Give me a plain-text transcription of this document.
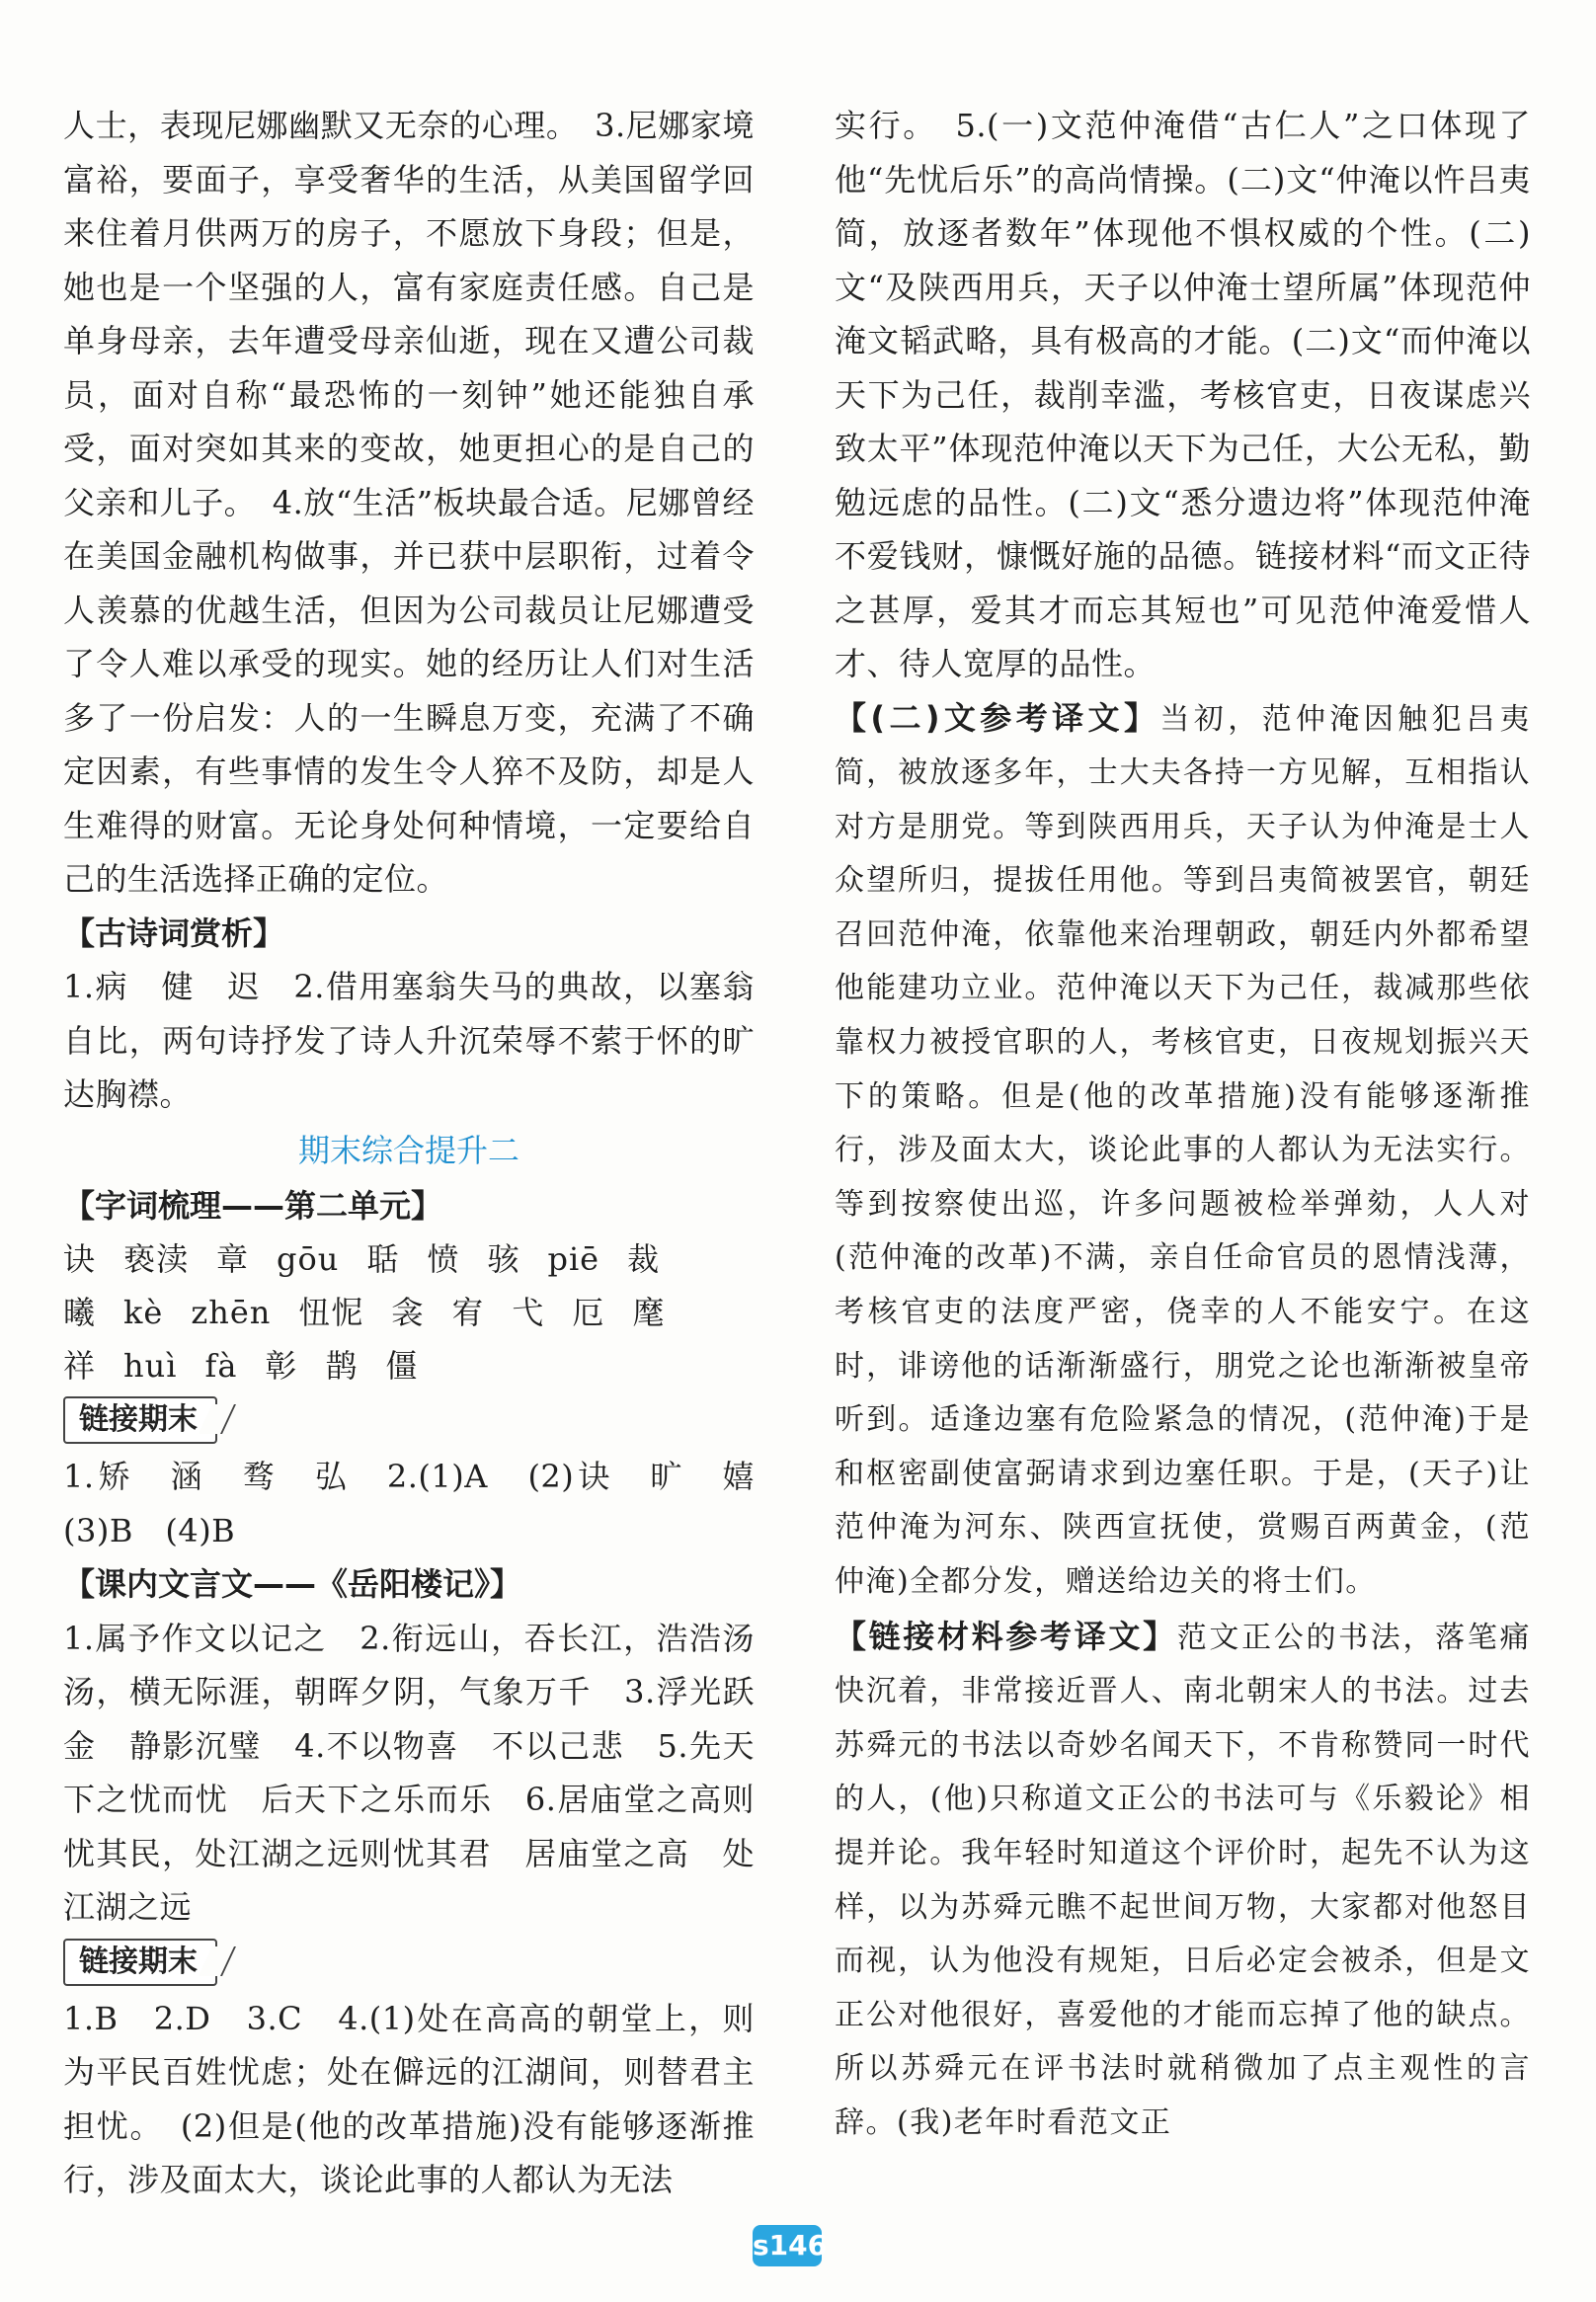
人士，表现尼娜幽默又无奈的心理。　3.尼娜家境富裕，要面子，享受奢华的生活，从美国留学回来住着月供两万的房子，不愿放下身段；但是，她也是一个坚强的人，富有家庭责任感。自己是单身母亲，去年遭受母亲仙逝，现在又遭公司裁员，面对自称“最恐怖的一刻钟”她还能独自承受，面对突如其来的变故，她更担心的是自己的父亲和儿子。　4.放“生活”板块最合适。尼娜曾经在美国金融机构做事，并已获中层职衔，过着令人羡慕的优越生活，但因为公司裁员让尼娜遭受了令人难以承受的现实。她的经历让人们对生活多了一份启发：人的一生瞬息万变，充满了不确定因素，有些事情的发生令人猝不及防，却是人生难得的财富。无论身处何种情境，一定要给自己的生活选择正确的定位。

【古诗词赏析】

1.病　健　迟　2.借用塞翁失马的典故，以塞翁自比，两句诗抒发了诗人升沉荣辱不萦于怀的旷达胸襟。

期末综合提升二

【字词梳理——第二单元】

诀 亵渎 章 gōu 聒 愤 骇 piē 裁
曦 kè zhēn 忸怩 衾 宥 弋 厄 麾
祥 huì fà 彰 鹊 僵
链接期末

1.矫　涵　骛　弘　2.(1)A　(2)诀　旷　嬉　(3)B　(4)B

【课内文言文——《岳阳楼记》】

1.属予作文以记之　2.衔远山，吞长江，浩浩汤汤，横无际涯，朝晖夕阴，气象万千　3.浮光跃金　静影沉璧　4.不以物喜　不以己悲　5.先天下之忧而忧　后天下之乐而乐　6.居庙堂之高则忧其民，处江湖之远则忧其君　居庙堂之高　处江湖之远

链接期末

1.B　2.D　3.C　4.(1)处在高高的朝堂上，则为平民百姓忧虑；处在僻远的江湖间，则替君主担忧。　(2)但是(他的改革措施)没有能够逐渐推行，涉及面太大，谈论此事的人都认为无法

实行。　5.(一)文范仲淹借“古仁人”之口体现了他“先忧后乐”的高尚情操。(二)文“仲淹以忤吕夷简，放逐者数年”体现他不惧权威的个性。(二)文“及陕西用兵，天子以仲淹士望所属”体现范仲淹文韬武略，具有极高的才能。(二)文“而仲淹以天下为己任，裁削幸滥，考核官吏，日夜谋虑兴致太平”体现范仲淹以天下为己任，大公无私，勤勉远虑的品性。(二)文“悉分遗边将”体现范仲淹不爱钱财，慷慨好施的品德。链接材料“而文正待之甚厚，爱其才而忘其短也”可见范仲淹爱惜人才、待人宽厚的品性。

【(二)文参考译文】当初，范仲淹因触犯吕夷简，被放逐多年，士大夫各持一方见解，互相指认对方是朋党。等到陕西用兵，天子认为仲淹是士人众望所归，提拔任用他。等到吕夷简被罢官，朝廷召回范仲淹，依靠他来治理朝政，朝廷内外都希望他能建功立业。范仲淹以天下为己任，裁减那些依靠权力被授官职的人，考核官吏，日夜规划振兴天下的策略。但是(他的改革措施)没有能够逐渐推行，涉及面太大，谈论此事的人都认为无法实行。等到按察使出巡，许多问题被检举弹劾，人人对(范仲淹的改革)不满，亲自任命官员的恩情浅薄，考核官吏的法度严密，侥幸的人不能安宁。在这时，诽谤他的话渐渐盛行，朋党之论也渐渐被皇帝听到。适逢边塞有危险紧急的情况，(范仲淹)于是和枢密副使富弼请求到边塞任职。于是，(天子)让范仲淹为河东、陕西宣抚使，赏赐百两黄金，(范仲淹)全都分发，赠送给边关的将士们。

【链接材料参考译文】范文正公的书法，落笔痛快沉着，非常接近晋人、南北朝宋人的书法。过去苏舜元的书法以奇妙名闻天下，不肯称赞同一时代的人，(他)只称道文正公的书法可与《乐毅论》相提并论。我年轻时知道这个评价时，起先不认为这样，以为苏舜元瞧不起世间万物，大家都对他怒目而视，认为他没有规矩，日后必定会被杀，但是文正公对他很好，喜爱他的才能而忘掉了他的缺点。所以苏舜元在评书法时就稍微加了点主观性的言辞。(我)老年时看范文正

s146
